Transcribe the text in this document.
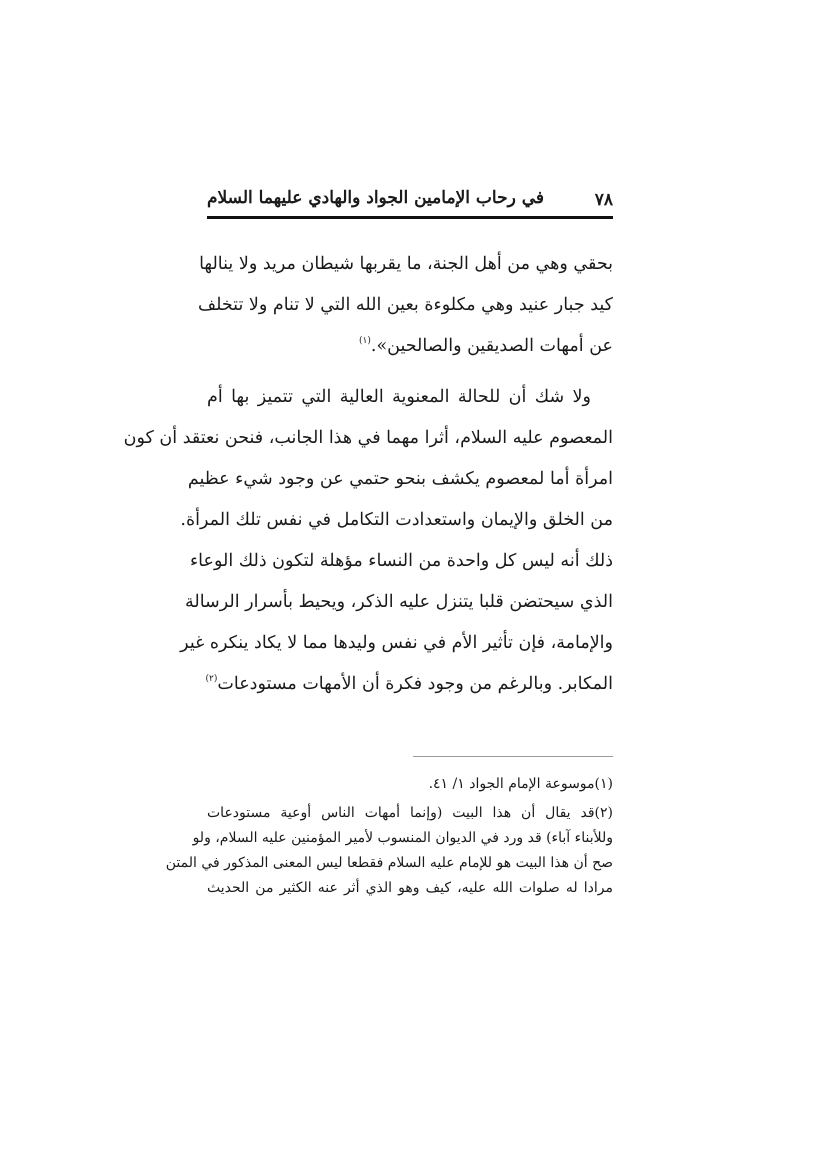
٧٨
في رحاب الإمامين الجواد والهادي عليهما السلام
بحقي وهي من أهل الجنة، ما يقربها شيطان مريد ولا ينالها
كيد جبار عنيد وهي مكلوءة بعين الله التي لا تنام ولا تتخلف
عن أمهات الصديقين والصالحين».$^{(١)}$
ولا شك أن للحالة المعنوية العالية التي تتميز بها أم
المعصوم عليه السلام، أثرا مهما في هذا الجانب، فنحن نعتقد أن كون
امرأة أما لمعصوم يكشف بنحو حتمي عن وجود شيء عظيم
من الخلق والإيمان واستعدادت التكامل في نفس تلك المرأة.
ذلك أنه ليس كل واحدة من النساء مؤهلة لتكون ذلك الوعاء
الذي سيحتضن قلبا يتنزل عليه الذكر، ويحيط بأسرار الرسالة
والإمامة، فإن تأثير الأم في نفس وليدها مما لا يكاد ينكره غير
المكابر. وبالرغم من وجود فكرة أن الأمهات مستودعات$^{(٢)}$
(١)موسوعة الإمام الجواد ١/ ٤١.
(٢)قد يقال أن هذا البيت (وإنما أمهات الناس أوعية مستودعات
وللأبناء آباء) قد ورد في الديوان المنسوب لأمير المؤمنين عليه السلام، ولو
صح أن هذا البيت هو للإمام عليه السلام فقطعا ليس المعنى المذكور في المتن
مرادا له صلوات الله عليه، كيف وهو الذي أثر عنه الكثير من الحديث
